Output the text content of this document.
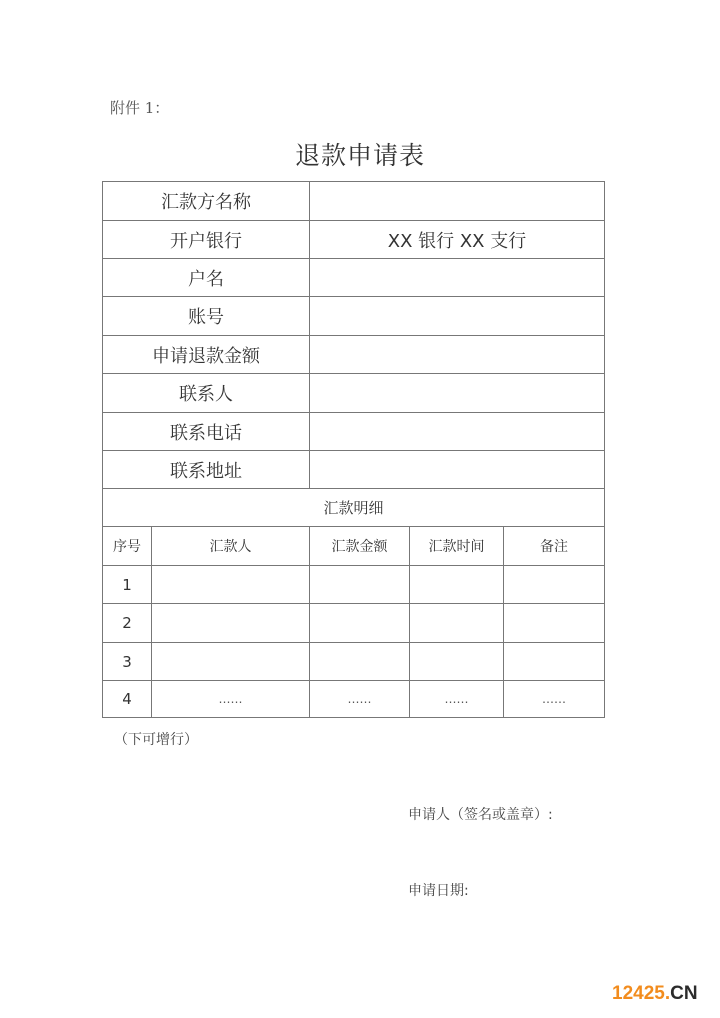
附件 1：
退款申请表
汇款方名称
开户银行	XX 银行 XX 支行
户名
账号
申请退款金额
联系人
联系电话
联系地址
汇款明细
序号	汇款人	汇款金额	汇款时间	备注
1
2
3
4	……	……	……	……
（下可增行）
申请人（签名或盖章）:
申请日期:
12425.CN
